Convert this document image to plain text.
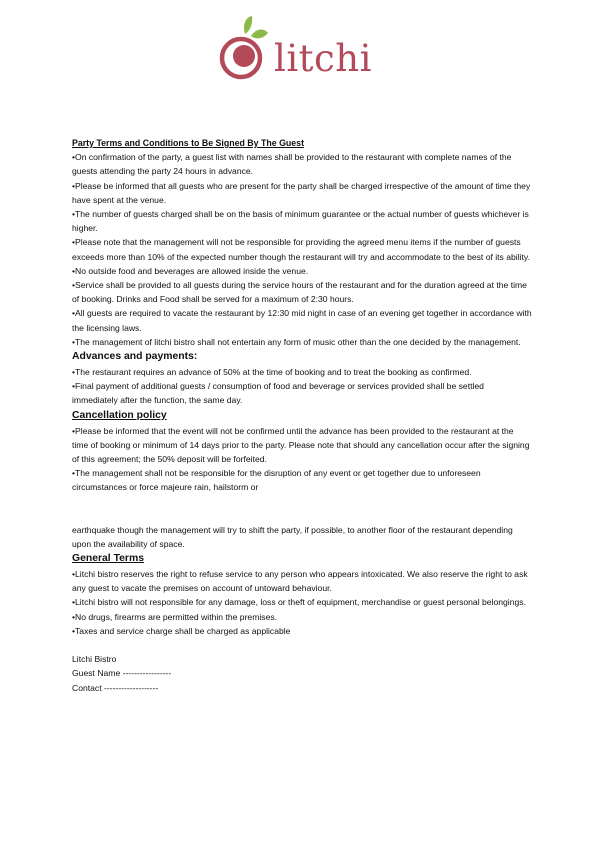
litchi

Party Terms and Conditions to Be Signed By The Guest

•On confirmation of the party, a guest list with names shall be provided to the restaurant with complete names of the guests attending the party 24 hours in advance.

•Please be informed that all guests who are present for the party shall be charged irrespective of the amount of time they have spent at the venue.

•The number of guests charged shall be on the basis of minimum guarantee or the actual number of guests whichever is higher.

•Please note that the management will not be responsible for providing the agreed menu items if the number of guests exceeds more than 10% of the expected number though the restaurant will try and accommodate to the best of its ability.

•No outside food and beverages are allowed inside the venue.

•Service shall be provided to all guests during the service hours of the restaurant and for the duration agreed at the time of booking. Drinks and Food shall be served for a maximum of 2:30 hours.

•All guests are required to vacate the restaurant by 12:30 mid night in case of an evening get together in accordance with the licensing laws.

•The management of litchi bistro shall not entertain any form of music other than the one decided by the management.

Advances and payments:

•The restaurant requires an advance of 50% at the time of booking and to treat the booking as confirmed.

•Final payment of additional guests / consumption of food and beverage or services provided shall be settled immediately after the function, the same day.

Cancellation policy

•Please be informed that the event will not be confirmed until the advance has been provided to the restaurant at the time of booking or minimum of 14 days prior to the party. Please note that should any cancellation occur after the signing of this agreement; the 50% deposit will be forfeited.

•The management shall not be responsible for the disruption of any event or get together due to unforeseen circumstances or force majeure rain, hailstorm or

earthquake though the management will try to shift the party, if possible, to another floor of the restaurant depending upon the availability of space.

General Terms

•Litchi bistro reserves the right to refuse service to any person who appears intoxicated. We also reserve the right to ask any guest to vacate the premises on account of untoward behaviour.

•Litchi bistro will not responsible for any damage, loss or theft of equipment, merchandise or guest personal belongings.

•No drugs, firearms are permitted within the premises.

•Taxes and service charge shall be charged as applicable

Litchi Bistro

Guest Name -----------------

Contact -------------------
